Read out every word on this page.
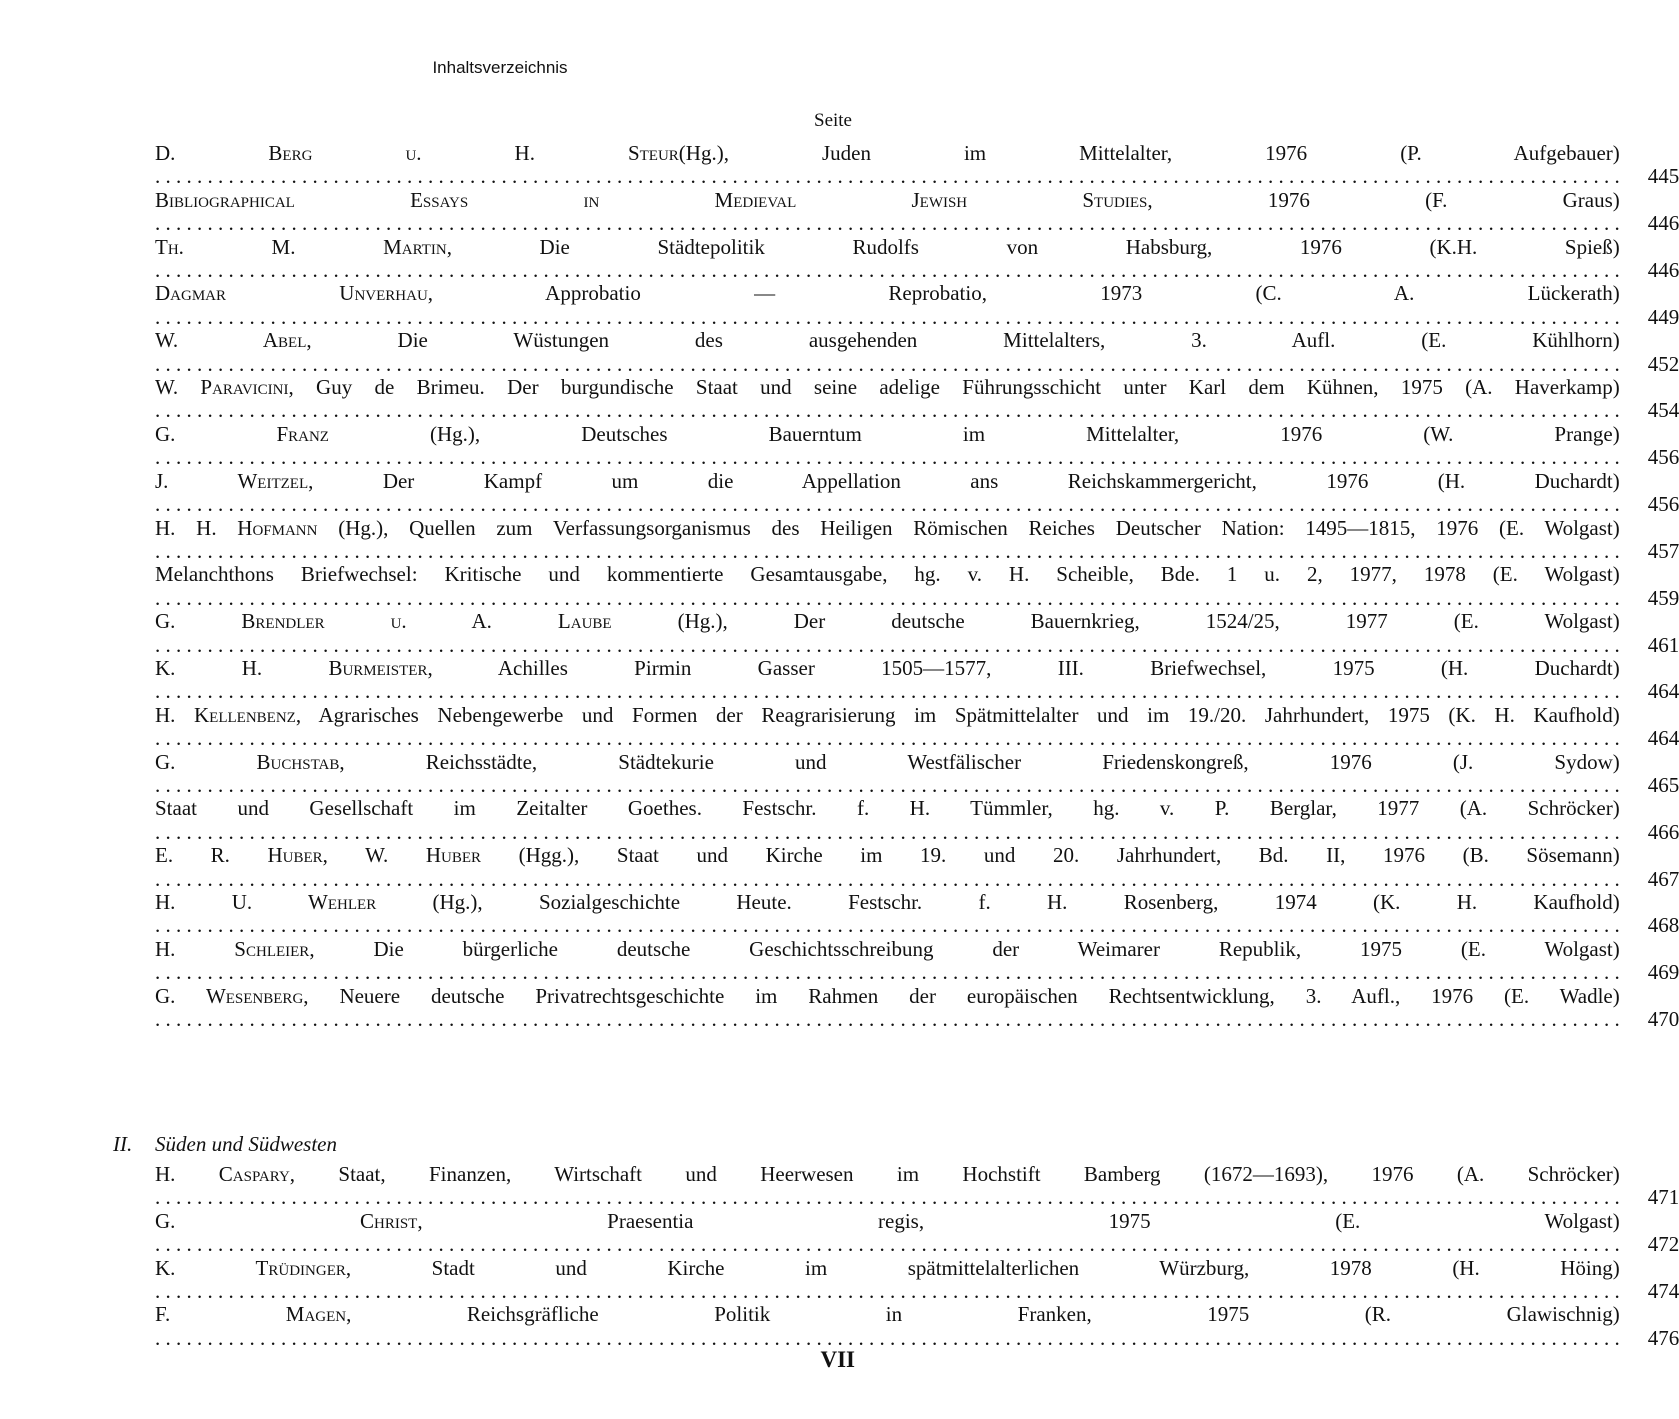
Inhaltsverzeichnis
Seite
D. Berg u. H. Steur(Hg.), Juden im Mittelalter, 1976 (P. Aufgebauer) . . . . . . . . . . . . . . . . . . . . . . . . . . . . . . . . . . . . . . . . . . . . . . . . . . . . . . . . . . . . . . . . . . . . . . . . . . . . . . . . . . . . . . . . . . . . . . . . . . . . . . . . . . . . . . . . . . . . . . . . . . . . . . . . . . . . . . . . . . . . 445
Bibliographical Essays in Medieval Jewish Studies, 1976 (F. Graus) . . . . . . . . . . . . . . . . . . . . . . . . . . . . . . . . . . . . . . . . . . . . . . . . . . . . . . . . . . . . . . . . . . . . . . . . . . . . . . . . . . . . . . . . . . . . . . . . . . . . . . . . . . . . . . . . . . . . . . . . . . . . . . . . . . . . . . . . . . . . 446
Th. M. Martin, Die Städtepolitik Rudolfs von Habsburg, 1976 (K.H. Spieß) . . . . . . . . . . . . . . . . . . . . . . . . . . . . . . . . . . . . . . . . . . . . . . . . . . . . . . . . . . . . . . . . . . . . . . . . . . . . . . . . . . . . . . . . . . . . . . . . . . . . . . . . . . . . . . . . . . . . . . . . . . . . . . . . . . . . . . . . . . . . 446
Dagmar Unverhau, Approbatio — Reprobatio, 1973 (C. A. Lückerath) . . . . . . . . . . . . . . . . . . . . . . . . . . . . . . . . . . . . . . . . . . . . . . . . . . . . . . . . . . . . . . . . . . . . . . . . . . . . . . . . . . . . . . . . . . . . . . . . . . . . . . . . . . . . . . . . . . . . . . . . . . . . . . . . . . . . . . . . . . . . 449
W. Abel, Die Wüstungen des ausgehenden Mittelalters, 3. Aufl. (E. Kühlhorn) . . . . . . . . . . . . . . . . . . . . . . . . . . . . . . . . . . . . . . . . . . . . . . . . . . . . . . . . . . . . . . . . . . . . . . . . . . . . . . . . . . . . . . . . . . . . . . . . . . . . . . . . . . . . . . . . . . . . . . . . . . . . . . . . . . . . . . . . . . . . 452
W. Paravicini, Guy de Brimeu. Der burgundische Staat und seine adelige Führungsschicht unter Karl dem Kühnen, 1975 (A. Haverkamp) . . . . . . . . . . . . . . . . . . . . . . . . . . . . . . . . . . . . . . . . . . . . . . . . . . . . . . . . . . . . . . . . . . . . . . . . . . . . . . . . . . . . . . . . . . . . . . . . . . . . . . . . . . . . . . . . . . . . . . . . . . . . . . . . . . . . . . . . . . . . 454
G. Franz (Hg.), Deutsches Bauerntum im Mittelalter, 1976 (W. Prange) . . . . . . . . . . . . . . . . . . . . . . . . . . . . . . . . . . . . . . . . . . . . . . . . . . . . . . . . . . . . . . . . . . . . . . . . . . . . . . . . . . . . . . . . . . . . . . . . . . . . . . . . . . . . . . . . . . . . . . . . . . . . . . . . . . . . . . . . . . . . 456
J. Weitzel, Der Kampf um die Appellation ans Reichskammergericht, 1976 (H. Duchardt) . . . . . . . . . . . . . . . . . . . . . . . . . . . . . . . . . . . . . . . . . . . . . . . . . . . . . . . . . . . . . . . . . . . . . . . . . . . . . . . . . . . . . . . . . . . . . . . . . . . . . . . . . . . . . . . . . . . . . . . . . . . . . . . . . . . . . . . . . . . . 456
H. H. Hofmann (Hg.), Quellen zum Verfassungsorganismus des Heiligen Römischen Reiches Deutscher Nation: 1495—1815, 1976 (E. Wolgast) . . . . . . . . . . . . . . . . . . . . . . . . . . . . . . . . . . . . . . . . . . . . . . . . . . . . . . . . . . . . . . . . . . . . . . . . . . . . . . . . . . . . . . . . . . . . . . . . . . . . . . . . . . . . . . . . . . . . . . . . . . . . . . . . . . . . . . . . . . . . 457
Melanchthons Briefwechsel: Kritische und kommentierte Gesamtausgabe, hg. v. H. Scheible, Bde. 1 u. 2, 1977, 1978 (E. Wolgast) . . . . . . . . . . . . . . . . . . . . . . . . . . . . . . . . . . . . . . . . . . . . . . . . . . . . . . . . . . . . . . . . . . . . . . . . . . . . . . . . . . . . . . . . . . . . . . . . . . . . . . . . . . . . . . . . . . . . . . . . . . . . . . . . . . . . . . . . . . . . 459
G. Brendler u. A. Laube (Hg.), Der deutsche Bauernkrieg, 1524/25, 1977 (E. Wolgast) . . . . . . . . . . . . . . . . . . . . . . . . . . . . . . . . . . . . . . . . . . . . . . . . . . . . . . . . . . . . . . . . . . . . . . . . . . . . . . . . . . . . . . . . . . . . . . . . . . . . . . . . . . . . . . . . . . . . . . . . . . . . . . . . . . . . . . . . . . . . 461
K. H. Burmeister, Achilles Pirmin Gasser 1505—1577, III. Briefwechsel, 1975 (H. Duchardt) . . . . . . . . . . . . . . . . . . . . . . . . . . . . . . . . . . . . . . . . . . . . . . . . . . . . . . . . . . . . . . . . . . . . . . . . . . . . . . . . . . . . . . . . . . . . . . . . . . . . . . . . . . . . . . . . . . . . . . . . . . . . . . . . . . . . . . . . . . . . 464
H. Kellenbenz, Agrarisches Nebengewerbe und Formen der Reagrarisierung im Spätmittelalter und im 19./20. Jahrhundert, 1975 (K. H. Kaufhold) . . . . . . . . . . . . . . . . . . . . . . . . . . . . . . . . . . . . . . . . . . . . . . . . . . . . . . . . . . . . . . . . . . . . . . . . . . . . . . . . . . . . . . . . . . . . . . . . . . . . . . . . . . . . . . . . . . . . . . . . . . . . . . . . . . . . . . . . . . . . 464
G. Buchstab, Reichsstädte, Städtekurie und Westfälischer Friedenskongreß, 1976 (J. Sydow) . . . . . . . . . . . . . . . . . . . . . . . . . . . . . . . . . . . . . . . . . . . . . . . . . . . . . . . . . . . . . . . . . . . . . . . . . . . . . . . . . . . . . . . . . . . . . . . . . . . . . . . . . . . . . . . . . . . . . . . . . . . . . . . . . . . . . . . . . . . . 465
Staat und Gesellschaft im Zeitalter Goethes. Festschr. f. H. Tümmler, hg. v. P. Berglar, 1977 (A. Schröcker) . . . . . . . . . . . . . . . . . . . . . . . . . . . . . . . . . . . . . . . . . . . . . . . . . . . . . . . . . . . . . . . . . . . . . . . . . . . . . . . . . . . . . . . . . . . . . . . . . . . . . . . . . . . . . . . . . . . . . . . . . . . . . . . . . . . . . . . . . . . . 466
E. R. Huber, W. Huber (Hgg.), Staat und Kirche im 19. und 20. Jahrhundert, Bd. II, 1976 (B. Sösemann) . . . . . . . . . . . . . . . . . . . . . . . . . . . . . . . . . . . . . . . . . . . . . . . . . . . . . . . . . . . . . . . . . . . . . . . . . . . . . . . . . . . . . . . . . . . . . . . . . . . . . . . . . . . . . . . . . . . . . . . . . . . . . . . . . . . . . . . . . . . . 467
H. U. Wehler (Hg.), Sozialgeschichte Heute. Festschr. f. H. Rosenberg, 1974 (K. H. Kaufhold) . . . . . . . . . . . . . . . . . . . . . . . . . . . . . . . . . . . . . . . . . . . . . . . . . . . . . . . . . . . . . . . . . . . . . . . . . . . . . . . . . . . . . . . . . . . . . . . . . . . . . . . . . . . . . . . . . . . . . . . . . . . . . . . . . . . . . . . . . . . . 468
H. Schleier, Die bürgerliche deutsche Geschichtsschreibung der Weimarer Republik, 1975 (E. Wolgast) . . . . . . . . . . . . . . . . . . . . . . . . . . . . . . . . . . . . . . . . . . . . . . . . . . . . . . . . . . . . . . . . . . . . . . . . . . . . . . . . . . . . . . . . . . . . . . . . . . . . . . . . . . . . . . . . . . . . . . . . . . . . . . . . . . . . . . . . . . . . 469
G. Wesenberg, Neuere deutsche Privatrechtsgeschichte im Rahmen der europäischen Rechtsentwicklung, 3. Aufl., 1976 (E. Wadle) . . . . . . . . . . . . . . . . . . . . . . . . . . . . . . . . . . . . . . . . . . . . . . . . . . . . . . . . . . . . . . . . . . . . . . . . . . . . . . . . . . . . . . . . . . . . . . . . . . . . . . . . . . . . . . . . . . . . . . . . . . . . . . . . . . . . . . . . . . . . 470
II. Süden und Südwesten
H. Caspary, Staat, Finanzen, Wirtschaft und Heerwesen im Hochstift Bamberg (1672—1693), 1976 (A. Schröcker) . . . . . . . . . . . . . . . . . . . . . . . . . . . . . . . . . . . . . . . . . . . . . . . . . . . . . . . . . . . . . . . . . . . . . . . . . . . . . . . . . . . . . . . . . . . . . . . . . . . . . . . . . . . . . . . . . . . . . . . . . . . . . . . . . . . . . . . . . . . . 471
G. Christ, Praesentia regis, 1975 (E. Wolgast) . . . . . . . . . . . . . . . . . . . . . . . . . . . . . . . . . . . . . . . . . . . . . . . . . . . . . . . . . . . . . . . . . . . . . . . . . . . . . . . . . . . . . . . . . . . . . . . . . . . . . . . . . . . . . . . . . . . . . . . . . . . . . . . . . . . . . . . . . . . . 472
K. Trüdinger, Stadt und Kirche im spätmittelalterlichen Würzburg, 1978 (H. Höing) . . . . . . . . . . . . . . . . . . . . . . . . . . . . . . . . . . . . . . . . . . . . . . . . . . . . . . . . . . . . . . . . . . . . . . . . . . . . . . . . . . . . . . . . . . . . . . . . . . . . . . . . . . . . . . . . . . . . . . . . . . . . . . . . . . . . . . . . . . . . 474
F. Magen, Reichsgräfliche Politik in Franken, 1975 (R. Glawischnig) . . . . . . . . . . . . . . . . . . . . . . . . . . . . . . . . . . . . . . . . . . . . . . . . . . . . . . . . . . . . . . . . . . . . . . . . . . . . . . . . . . . . . . . . . . . . . . . . . . . . . . . . . . . . . . . . . . . . . . . . . . . . . . . . . . . . . . . . . . . . 476
VII
